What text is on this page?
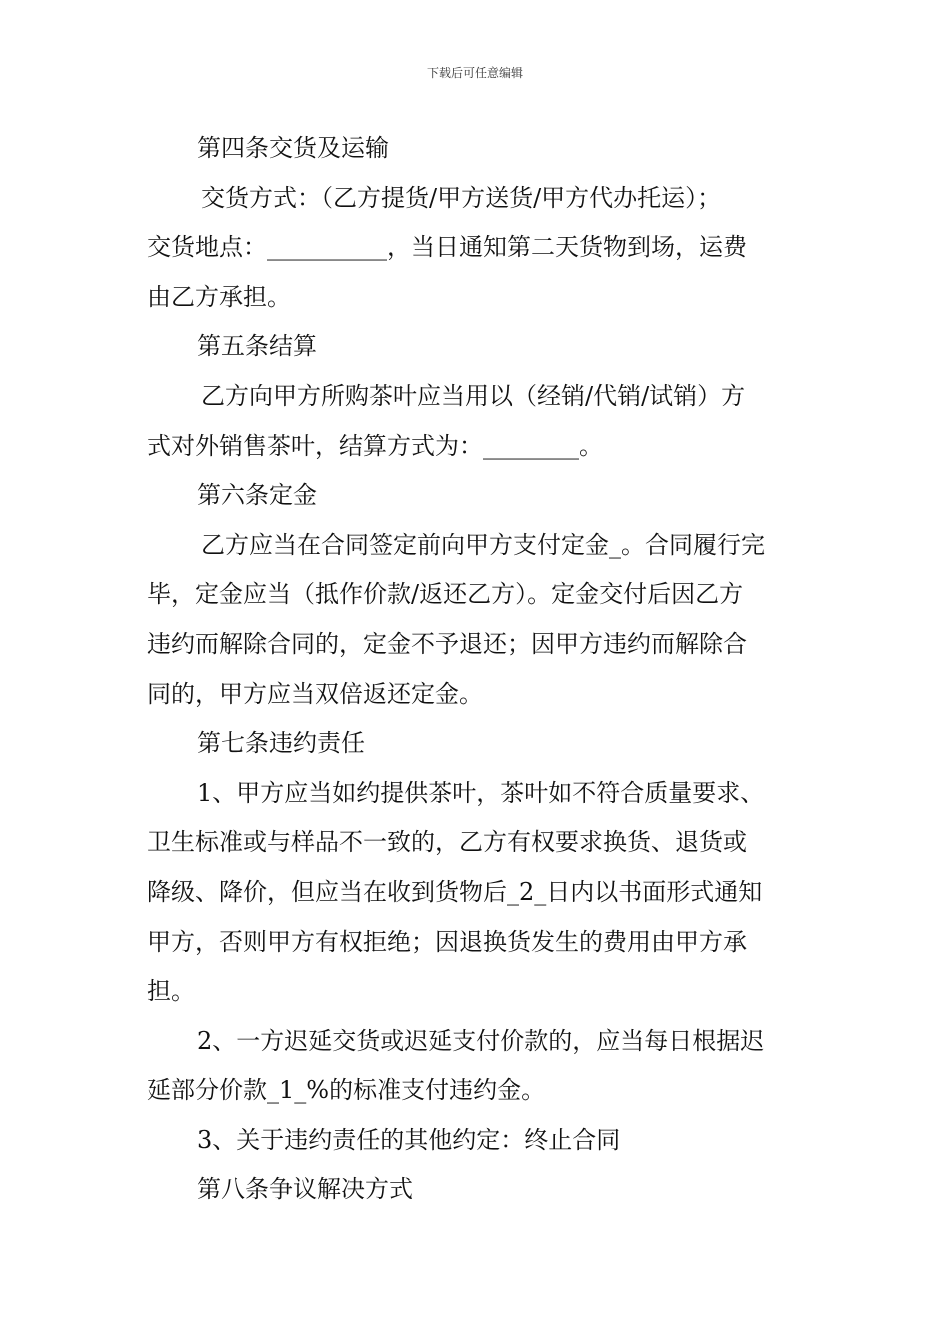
下载后可任意编辑
第四条交货及运输
交货方式：（乙方提货/甲方送货/甲方代办托运）；
交货地点：__________，当日通知第二天货物到场，运费
由乙方承担。
第五条结算
乙方向甲方所购茶叶应当用以（经销/代销/试销）方
式对外销售茶叶，结算方式为：________。
第六条定金
乙方应当在合同签定前向甲方支付定金_。合同履行完
毕，定金应当（抵作价款/返还乙方）。定金交付后因乙方
违约而解除合同的，定金不予退还；因甲方违约而解除合
同的，甲方应当双倍返还定金。
第七条违约责任
1、甲方应当如约提供茶叶，茶叶如不符合质量要求、
卫生标准或与样品不一致的，乙方有权要求换货、退货或
降级、降价，但应当在收到货物后_2_日内以书面形式通知
甲方，否则甲方有权拒绝；因退换货发生的费用由甲方承
担。
2、一方迟延交货或迟延支付价款的，应当每日根据迟
延部分价款_1_%的标准支付违约金。
3、关于违约责任的其他约定：终止合同
第八条争议解决方式
